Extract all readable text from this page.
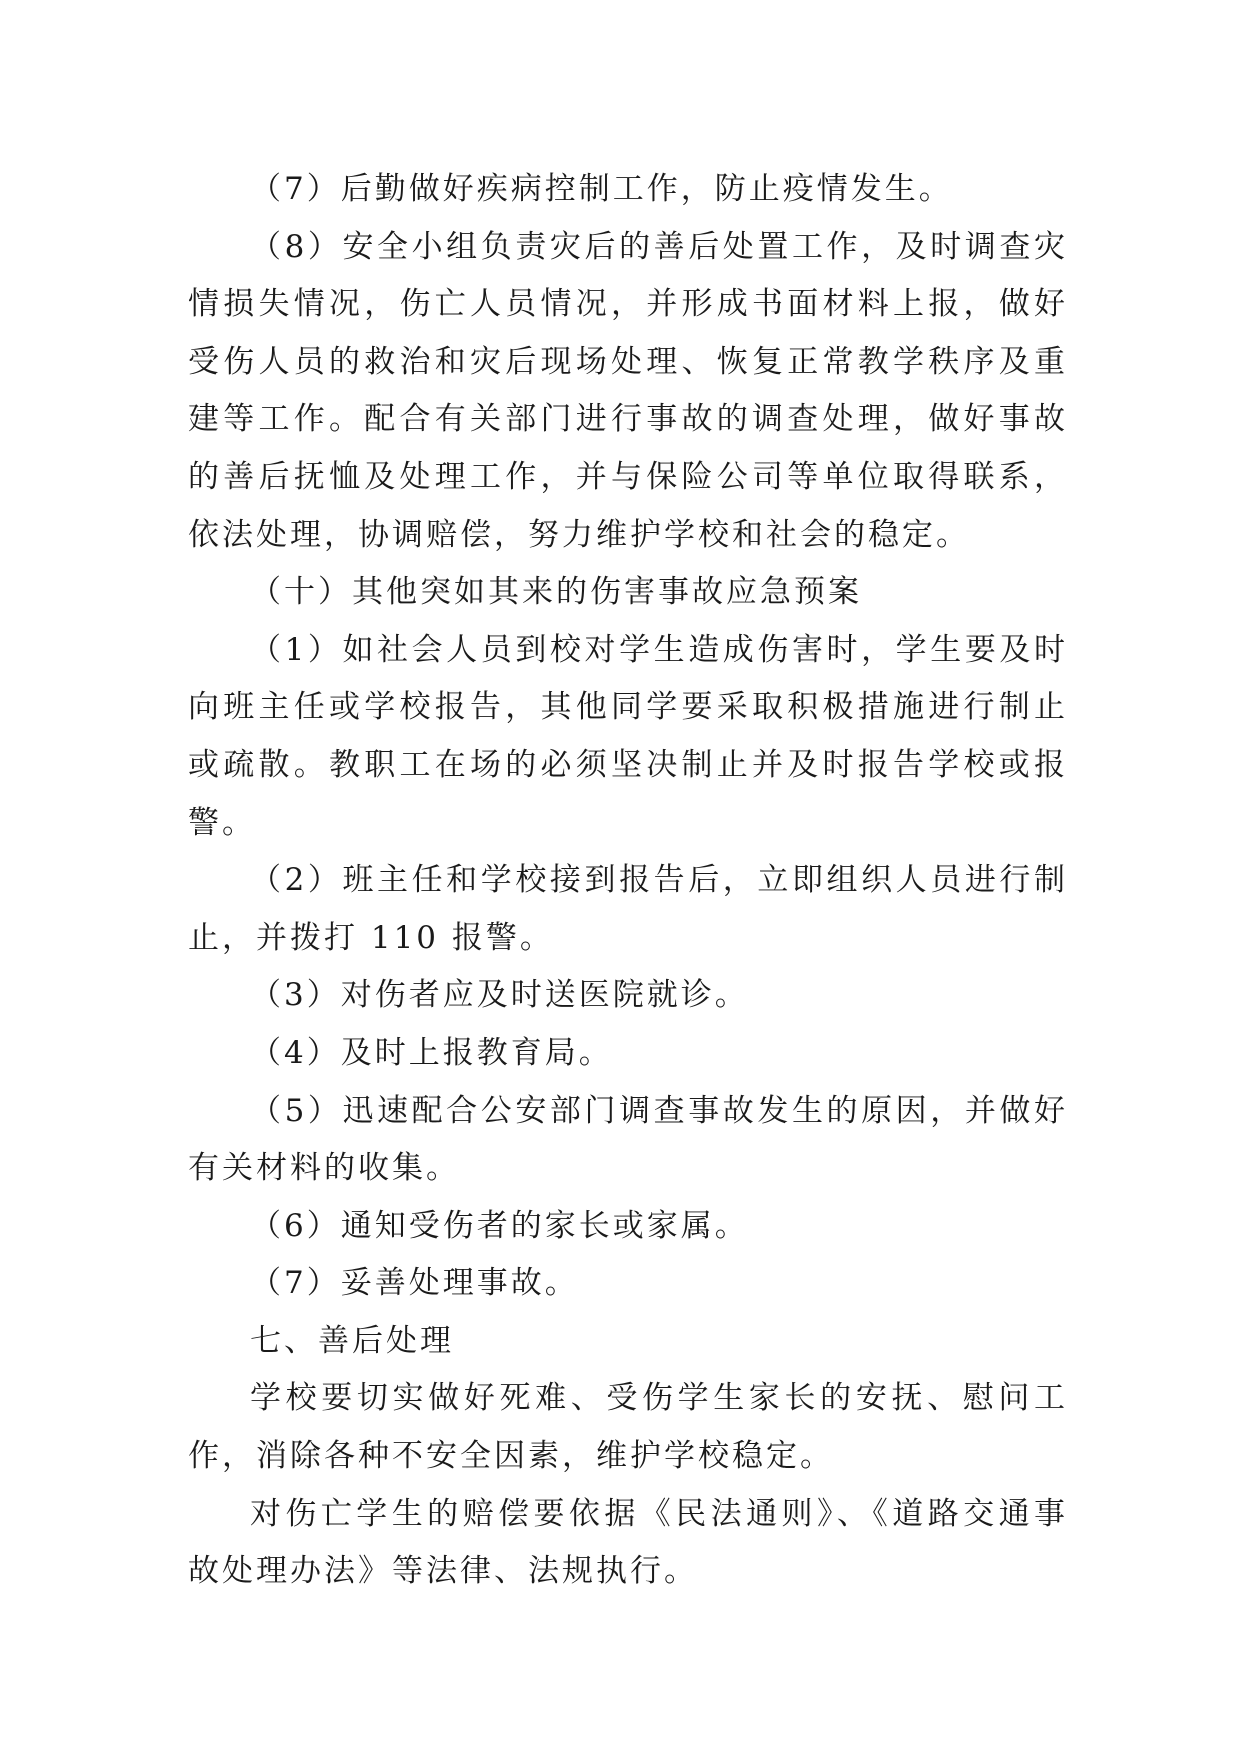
（7）后勤做好疾病控制工作，防止疫情发生。

（8）安全小组负责灾后的善后处置工作，及时调查灾情损失情况，伤亡人员情况，并形成书面材料上报，做好受伤人员的救治和灾后现场处理、恢复正常教学秩序及重建等工作。配合有关部门进行事故的调查处理，做好事故的善后抚恤及处理工作，并与保险公司等单位取得联系，依法处理，协调赔偿，努力维护学校和社会的稳定。

（十）其他突如其来的伤害事故应急预案

（1）如社会人员到校对学生造成伤害时，学生要及时向班主任或学校报告，其他同学要采取积极措施进行制止或疏散。教职工在场的必须坚决制止并及时报告学校或报警。

（2）班主任和学校接到报告后，立即组织人员进行制止，并拨打 110 报警。

（3）对伤者应及时送医院就诊。

（4）及时上报教育局。

（5）迅速配合公安部门调查事故发生的原因，并做好有关材料的收集。

（6）通知受伤者的家长或家属。

（7）妥善处理事故。

七、善后处理

学校要切实做好死难、受伤学生家长的安抚、慰问工作，消除各种不安全因素，维护学校稳定。

对伤亡学生的赔偿要依据《民法通则》、《道路交通事故处理办法》等法律、法规执行。
